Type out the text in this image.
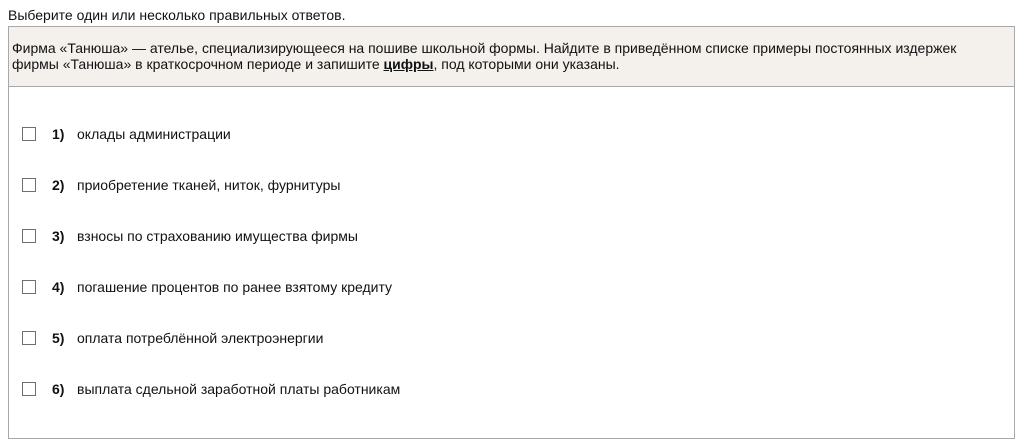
Выберите один или несколько правильных ответов.
Фирма «Танюша» — ателье, специализирующееся на пошиве школьной формы. Найдите в приведённом списке примеры постоянных издержек фирмы «Танюша» в краткосрочном периоде и запишите цифры, под которыми они указаны.
1) оклады администрации
2) приобретение тканей, ниток, фурнитуры
3) взносы по страхованию имущества фирмы
4) погашение процентов по ранее взятому кредиту
5) оплата потреблённой электроэнергии
6) выплата сдельной заработной платы работникам
